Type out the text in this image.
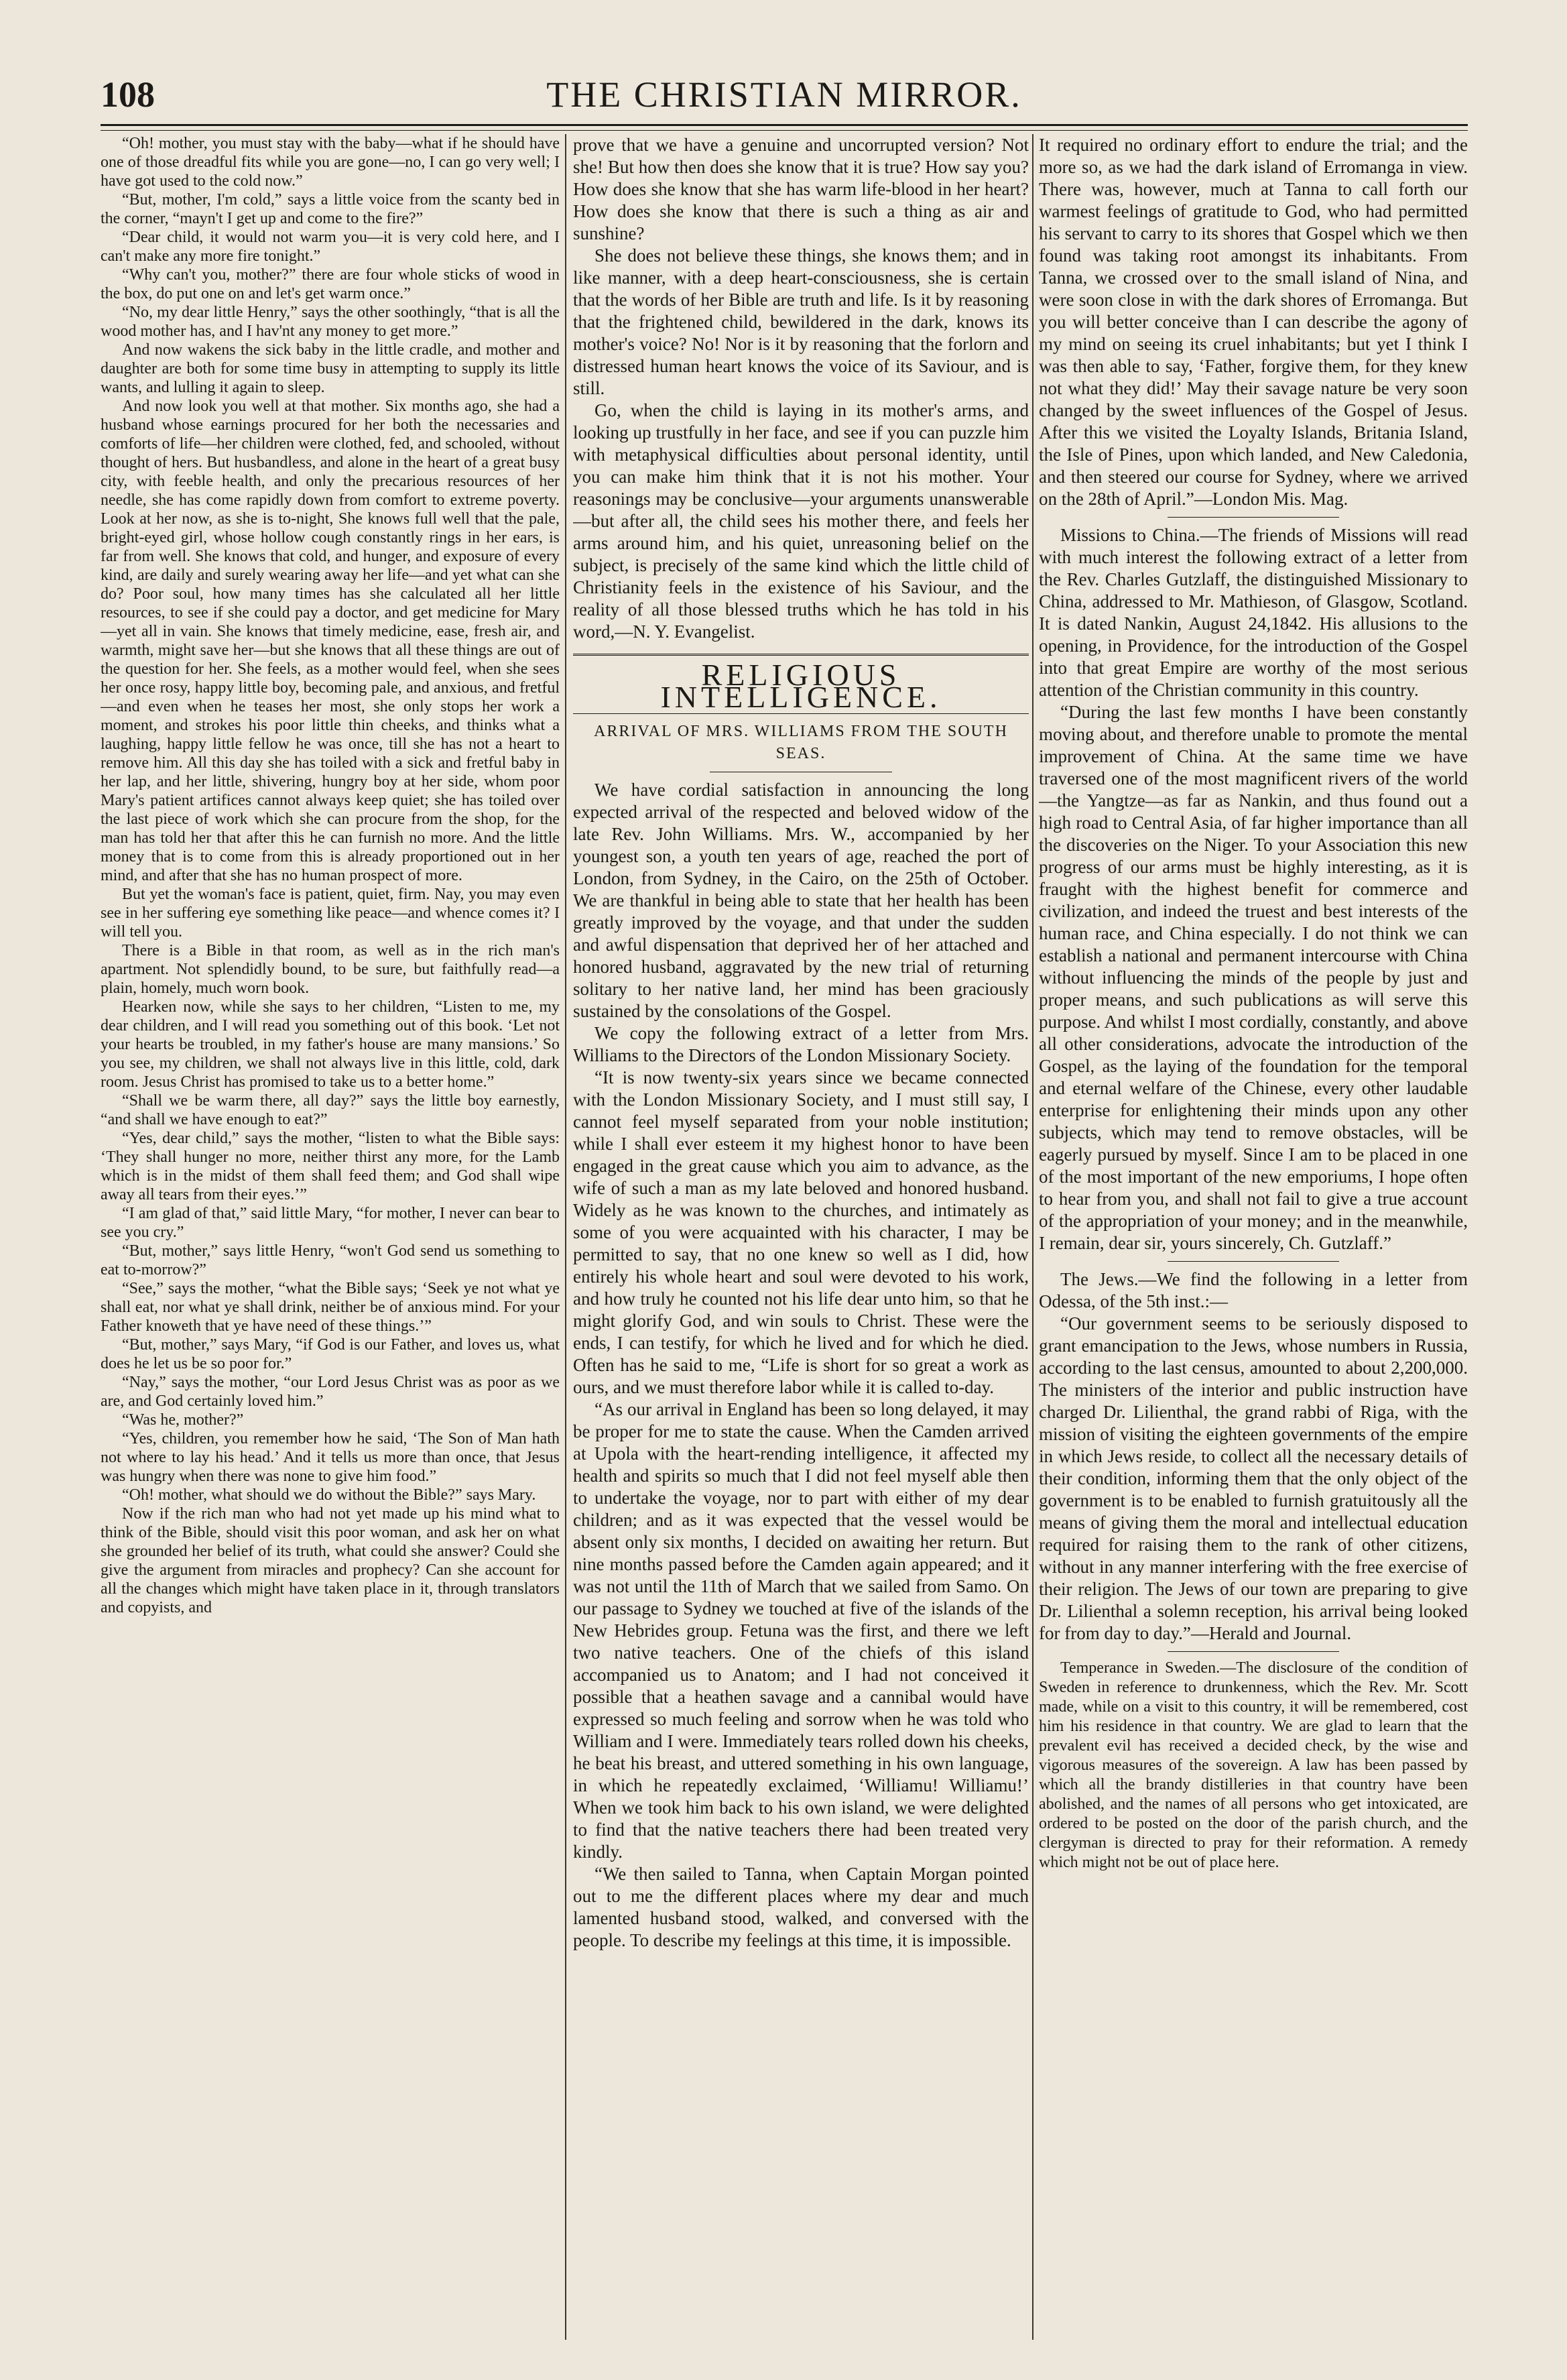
108	THE CHRISTIAN MIRROR.

“Oh! mother, you must stay with the baby—what if he should have one of those dreadful fits while you are gone—no, I can go very well; I have got used to the cold now.”

“But, mother, I'm cold,” says a little voice from the scanty bed in the corner, “mayn't I get up and come to the fire?”

“Dear child, it would not warm you—it is very cold here, and I can't make any more fire tonight.”

“Why can't you, mother?” there are four whole sticks of wood in the box, do put one on and let's get warm once.”

“No, my dear little Henry,” says the other soothingly, “that is all the wood mother has, and I hav'nt any money to get more.”

And now wakens the sick baby in the little cradle, and mother and daughter are both for some time busy in attempting to supply its little wants, and lulling it again to sleep.

And now look you well at that mother. Six months ago, she had a husband whose earnings procured for her both the necessaries and comforts of life—her children were clothed, fed, and schooled, without thought of hers. But husbandless, and alone in the heart of a great busy city, with feeble health, and only the precarious resources of her needle, she has come rapidly down from comfort to extreme poverty. Look at her now, as she is to-night, She knows full well that the pale, bright-eyed girl, whose hollow cough constantly rings in her ears, is far from well. She knows that cold, and hunger, and exposure of every kind, are daily and surely wearing away her life—and yet what can she do? Poor soul, how many times has she calculated all her little resources, to see if she could pay a doctor, and get medicine for Mary—yet all in vain. She knows that timely medicine, ease, fresh air, and warmth, might save her—but she knows that all these things are out of the question for her. She feels, as a mother would feel, when she sees her once rosy, happy little boy, becoming pale, and anxious, and fretful—and even when he teases her most, she only stops her work a moment, and strokes his poor little thin cheeks, and thinks what a laughing, happy little fellow he was once, till she has not a heart to remove him. All this day she has toiled with a sick and fretful baby in her lap, and her little, shivering, hungry boy at her side, whom poor Mary's patient artifices cannot always keep quiet; she has toiled over the last piece of work which she can procure from the shop, for the man has told her that after this he can furnish no more. And the little money that is to come from this is already proportioned out in her mind, and after that she has no human prospect of more.

But yet the woman's face is patient, quiet, firm. Nay, you may even see in her suffering eye something like peace—and whence comes it? I will tell you.

There is a Bible in that room, as well as in the rich man's apartment. Not splendidly bound, to be sure, but faithfully read—a plain, homely, much worn book.

Hearken now, while she says to her children, “Listen to me, my dear children, and I will read you something out of this book. ‘Let not your hearts be troubled, in my father's house are many mansions.’ So you see, my children, we shall not always live in this little, cold, dark room. Jesus Christ has promised to take us to a better home.”

“Shall we be warm there, all day?” says the little boy earnestly, “and shall we have enough to eat?”

“Yes, dear child,” says the mother, “listen to what the Bible says: ‘They shall hunger no more, neither thirst any more, for the Lamb which is in the midst of them shall feed them; and God shall wipe away all tears from their eyes.’”

“I am glad of that,” said little Mary, “for mother, I never can bear to see you cry.”

“But, mother,” says little Henry, “won't God send us something to eat to-morrow?”

“See,” says the mother, “what the Bible says; ‘Seek ye not what ye shall eat, nor what ye shall drink, neither be of anxious mind. For your Father knoweth that ye have need of these things.’”

“But, mother,” says Mary, “if God is our Father, and loves us, what does he let us be so poor for.”

“Nay,” says the mother, “our Lord Jesus Christ was as poor as we are, and God certainly loved him.”

“Was he, mother?”

“Yes, children, you remember how he said, ‘The Son of Man hath not where to lay his head.’ And it tells us more than once, that Jesus was hungry when there was none to give him food.”

“Oh! mother, what should we do without the Bible?” says Mary.

Now if the rich man who had not yet made up his mind what to think of the Bible, should visit this poor woman, and ask her on what she grounded her belief of its truth, what could she answer? Could she give the argument from miracles and prophecy? Can she account for all the changes which might have taken place in it, through translators and copyists, and

prove that we have a genuine and uncorrupted version? Not she! But how then does she know that it is true? How say you? How does she know that she has warm life-blood in her heart? How does she know that there is such a thing as air and sunshine?

She does not believe these things, she knows them; and in like manner, with a deep heart-consciousness, she is certain that the words of her Bible are truth and life. Is it by reasoning that the frightened child, bewildered in the dark, knows its mother's voice? No! Nor is it by reasoning that the forlorn and distressed human heart knows the voice of its Saviour, and is still.

Go, when the child is laying in its mother's arms, and looking up trustfully in her face, and see if you can puzzle him with metaphysical difficulties about personal identity, until you can make him think that it is not his mother. Your reasonings may be conclusive—your arguments unanswerable—but after all, the child sees his mother there, and feels her arms around him, and his quiet, unreasoning belief on the subject, is precisely of the same kind which the little child of Christianity feels in the existence of his Saviour, and the reality of all those blessed truths which he has told in his word,—N. Y. Evangelist.

RELIGIOUS INTELLIGENCE.
ARRIVAL OF MRS. WILLIAMS FROM THE SOUTH SEAS.

We have cordial satisfaction in announcing the long expected arrival of the respected and beloved widow of the late Rev. John Williams. Mrs. W., accompanied by her youngest son, a youth ten years of age, reached the port of London, from Sydney, in the Cairo, on the 25th of October. We are thankful in being able to state that her health has been greatly improved by the voyage, and that under the sudden and awful dispensation that deprived her of her attached and honored husband, aggravated by the new trial of returning solitary to her native land, her mind has been graciously sustained by the consolations of the Gospel.

We copy the following extract of a letter from Mrs. Williams to the Directors of the London Missionary Society.

“It is now twenty-six years since we became connected with the London Missionary Society, and I must still say, I cannot feel myself separated from your noble institution; while I shall ever esteem it my highest honor to have been engaged in the great cause which you aim to advance, as the wife of such a man as my late beloved and honored husband. Widely as he was known to the churches, and intimately as some of you were acquainted with his character, I may be permitted to say, that no one knew so well as I did, how entirely his whole heart and soul were devoted to his work, and how truly he counted not his life dear unto him, so that he might glorify God, and win souls to Christ. These were the ends, I can testify, for which he lived and for which he died. Often has he said to me, “Life is short for so great a work as ours, and we must therefore labor while it is called to-day.

“As our arrival in England has been so long delayed, it may be proper for me to state the cause. When the Camden arrived at Upola with the heart-rending intelligence, it affected my health and spirits so much that I did not feel myself able then to undertake the voyage, nor to part with either of my dear children; and as it was expected that the vessel would be absent only six months, I decided on awaiting her return. But nine months passed before the Camden again appeared; and it was not until the 11th of March that we sailed from Samo. On our passage to Sydney we touched at five of the islands of the New Hebrides group. Fetuna was the first, and there we left two native teachers. One of the chiefs of this island accompanied us to Anatom; and I had not conceived it possible that a heathen savage and a cannibal would have expressed so much feeling and sorrow when he was told who William and I were. Immediately tears rolled down his cheeks, he beat his breast, and uttered something in his own language, in which he repeatedly exclaimed, ‘Williamu! Williamu!’ When we took him back to his own island, we were delighted to find that the native teachers there had been treated very kindly.

“We then sailed to Tanna, when Captain Morgan pointed out to me the different places where my dear and much lamented husband stood, walked, and conversed with the people. To describe my feelings at this time, it is impossible.

It required no ordinary effort to endure the trial; and the more so, as we had the dark island of Erromanga in view. There was, however, much at Tanna to call forth our warmest feelings of gratitude to God, who had permitted his servant to carry to its shores that Gospel which we then found was taking root amongst its inhabitants. From Tanna, we crossed over to the small island of Nina, and were soon close in with the dark shores of Erromanga. But you will better conceive than I can describe the agony of my mind on seeing its cruel inhabitants; but yet I think I was then able to say, ‘Father, forgive them, for they knew not what they did!’ May their savage nature be very soon changed by the sweet influences of the Gospel of Jesus. After this we visited the Loyalty Islands, Britania Island, the Isle of Pines, upon which landed, and New Caledonia, and then steered our course for Sydney, where we arrived on the 28th of April.”—London Mis. Mag.

Missions to China.—The friends of Missions will read with much interest the following extract of a letter from the Rev. Charles Gutzlaff, the distinguished Missionary to China, addressed to Mr. Mathieson, of Glasgow, Scotland. It is dated Nankin, August 24,1842. His allusions to the opening, in Providence, for the introduction of the Gospel into that great Empire are worthy of the most serious attention of the Christian community in this country.

“During the last few months I have been constantly moving about, and therefore unable to promote the mental improvement of China. At the same time we have traversed one of the most magnificent rivers of the world—the Yangtze—as far as Nankin, and thus found out a high road to Central Asia, of far higher importance than all the discoveries on the Niger. To your Association this new progress of our arms must be highly interesting, as it is fraught with the highest benefit for commerce and civilization, and indeed the truest and best interests of the human race, and China especially. I do not think we can establish a national and permanent intercourse with China without influencing the minds of the people by just and proper means, and such publications as will serve this purpose. And whilst I most cordially, constantly, and above all other considerations, advocate the introduction of the Gospel, as the laying of the foundation for the temporal and eternal welfare of the Chinese, every other laudable enterprise for enlightening their minds upon any other subjects, which may tend to remove obstacles, will be eagerly pursued by myself. Since I am to be placed in one of the most important of the new emporiums, I hope often to hear from you, and shall not fail to give a true account of the appropriation of your money; and in the meanwhile, I remain, dear sir, yours sincerely, Ch. Gutzlaff.”

The Jews.—We find the following in a letter from Odessa, of the 5th inst.:—

“Our government seems to be seriously disposed to grant emancipation to the Jews, whose numbers in Russia, according to the last census, amounted to about 2,200,000. The ministers of the interior and public instruction have charged Dr. Lilienthal, the grand rabbi of Riga, with the mission of visiting the eighteen governments of the empire in which Jews reside, to collect all the necessary details of their condition, informing them that the only object of the government is to be enabled to furnish gratuitously all the means of giving them the moral and intellectual education required for raising them to the rank of other citizens, without in any manner interfering with the free exercise of their religion. The Jews of our town are preparing to give Dr. Lilienthal a solemn reception, his arrival being looked for from day to day.”—Herald and Journal.

Temperance in Sweden.—The disclosure of the condition of Sweden in reference to drunkenness, which the Rev. Mr. Scott made, while on a visit to this country, it will be remembered, cost him his residence in that country. We are glad to learn that the prevalent evil has received a decided check, by the wise and vigorous measures of the sovereign. A law has been passed by which all the brandy distilleries in that country have been abolished, and the names of all persons who get intoxicated, are ordered to be posted on the door of the parish church, and the clergyman is directed to pray for their reformation. A remedy which might not be out of place here.
